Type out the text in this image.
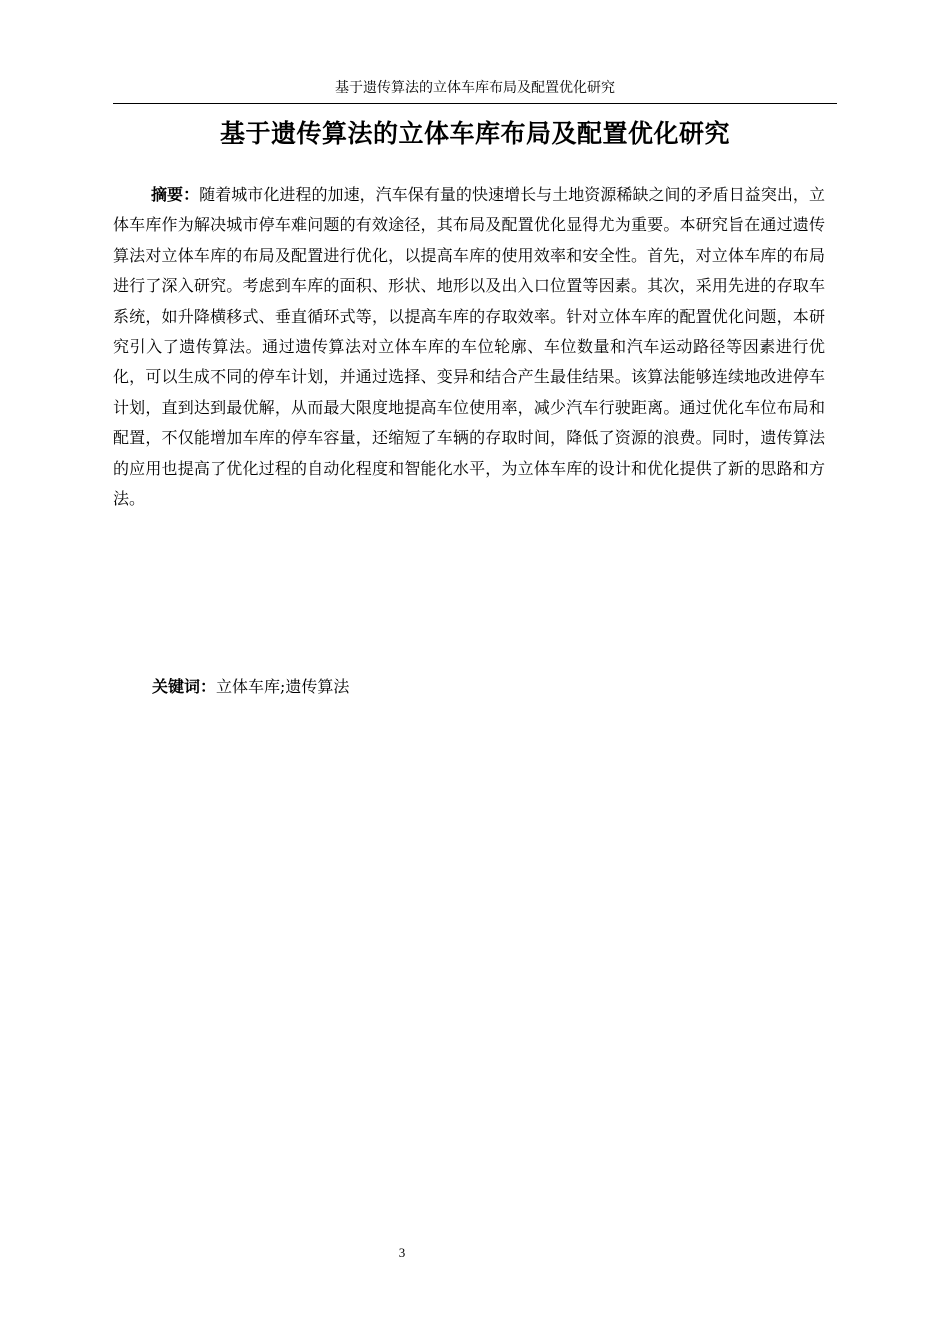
基于遗传算法的立体车库布局及配置优化研究
基于遗传算法的立体车库布局及配置优化研究

摘要：随着城市化进程的加速，汽车保有量的快速增长与土地资源稀缺之间的矛盾日益突出，立体车库作为解决城市停车难问题的有效途径，其布局及配置优化显得尤为重要。本研究旨在通过遗传算法对立体车库的布局及配置进行优化，以提高车库的使用效率和安全性。首先，对立体车库的布局进行了深入研究。考虑到车库的面积、形状、地形以及出入口位置等因素。其次，采用先进的存取车系统，如升降横移式、垂直循环式等，以提高车库的存取效率。针对立体车库的配置优化问题，本研究引入了遗传算法。通过遗传算法对立体车库的车位轮廓、车位数量和汽车运动路径等因素进行优化，可以生成不同的停车计划，并通过选择、变异和结合产生最佳结果。该算法能够连续地改进停车计划，直到达到最优解，从而最大限度地提高车位使用率，减少汽车行驶距离。通过优化车位布局和配置，不仅能增加车库的停车容量，还缩短了车辆的存取时间，降低了资源的浪费。同时，遗传算法的应用也提高了优化过程的自动化程度和智能化水平，为立体车库的设计和优化提供了新的思路和方法。

关键词：立体车库;遗传算法
3
